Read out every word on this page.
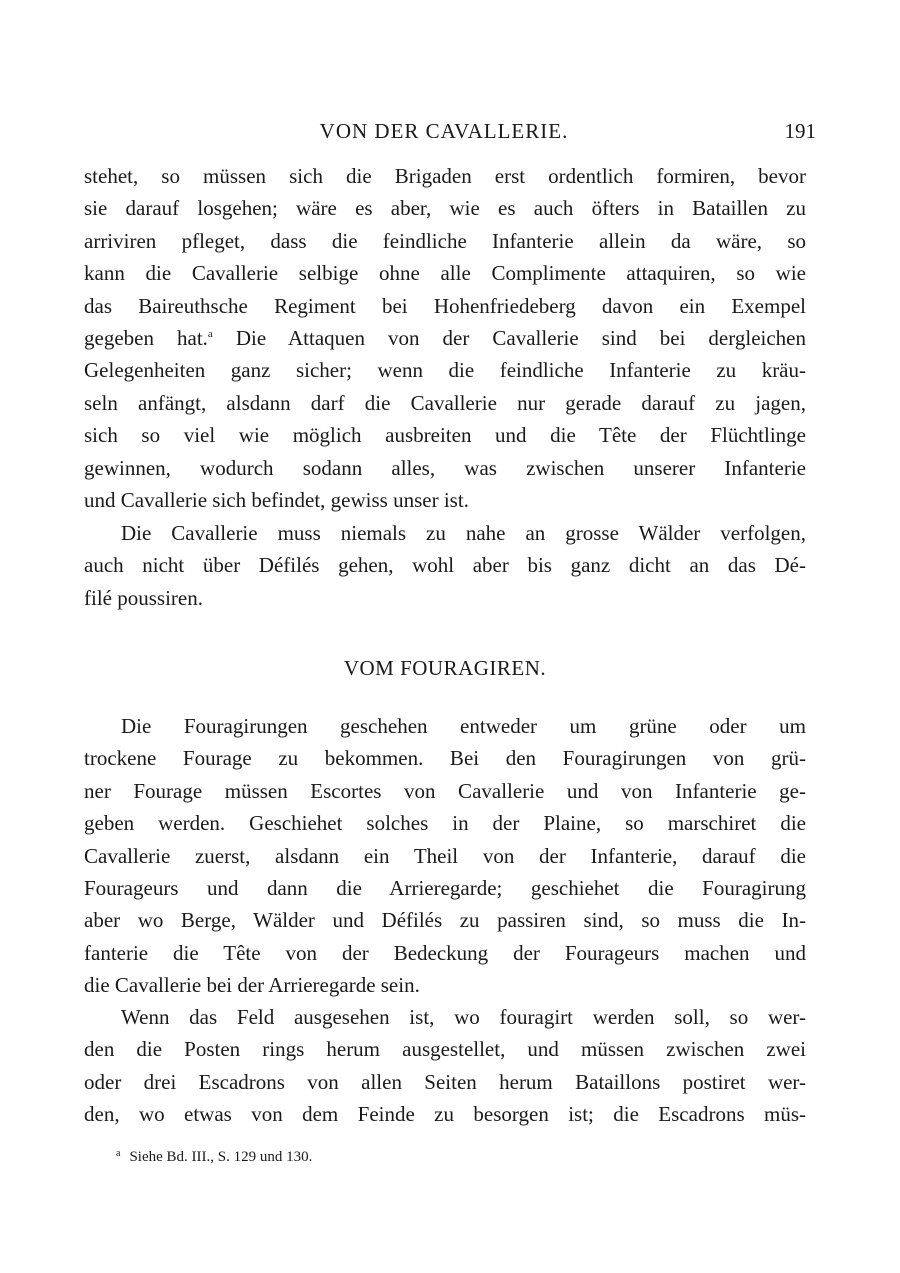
VON DER CAVALLERIE.	191
stehet, so müssen sich die Brigaden erst ordentlich formiren, bevor
sie darauf losgehen; wäre es aber, wie es auch öfters in Bataillen zu
arriviren pfleget, dass die feindliche Infanterie allein da wäre, so
kann die Cavallerie selbige ohne alle Complimente attaquiren, so wie
das Baireuthsche Regiment bei Hohenfriedeberg davon ein Exempel
gegeben hat.$^a$ Die Attaquen von der Cavallerie sind bei dergleichen
Gelegenheiten ganz sicher; wenn die feindliche Infanterie zu kräu-
seln anfängt, alsdann darf die Cavallerie nur gerade darauf zu jagen,
sich so viel wie möglich ausbreiten und die Tête der Flüchtlinge
gewinnen, wodurch sodann alles, was zwischen unserer Infanterie
und Cavallerie sich befindet, gewiss unser ist.
Die Cavallerie muss niemals zu nahe an grosse Wälder verfolgen,
auch nicht über Défilés gehen, wohl aber bis ganz dicht an das Dé-
filé poussiren.
VOM FOURAGIREN.
Die Fouragirungen geschehen entweder um grüne oder um
trockene Fourage zu bekommen. Bei den Fouragirungen von grü-
ner Fourage müssen Escortes von Cavallerie und von Infanterie ge-
geben werden. Geschiehet solches in der Plaine, so marschiret die
Cavallerie zuerst, alsdann ein Theil von der Infanterie, darauf die
Fourageurs und dann die Arrieregarde; geschiehet die Fouragirung
aber wo Berge, Wälder und Défilés zu passiren sind, so muss die In-
fanterie die Tête von der Bedeckung der Fourageurs machen und
die Cavallerie bei der Arrieregarde sein.
Wenn das Feld ausgesehen ist, wo fouragirt werden soll, so wer-
den die Posten rings herum ausgestellet, und müssen zwischen zwei
oder drei Escadrons von allen Seiten herum Bataillons postiret wer-
den, wo etwas von dem Feinde zu besorgen ist; die Escadrons müs-
$^a$ Siehe Bd. III., S. 129 und 130.
